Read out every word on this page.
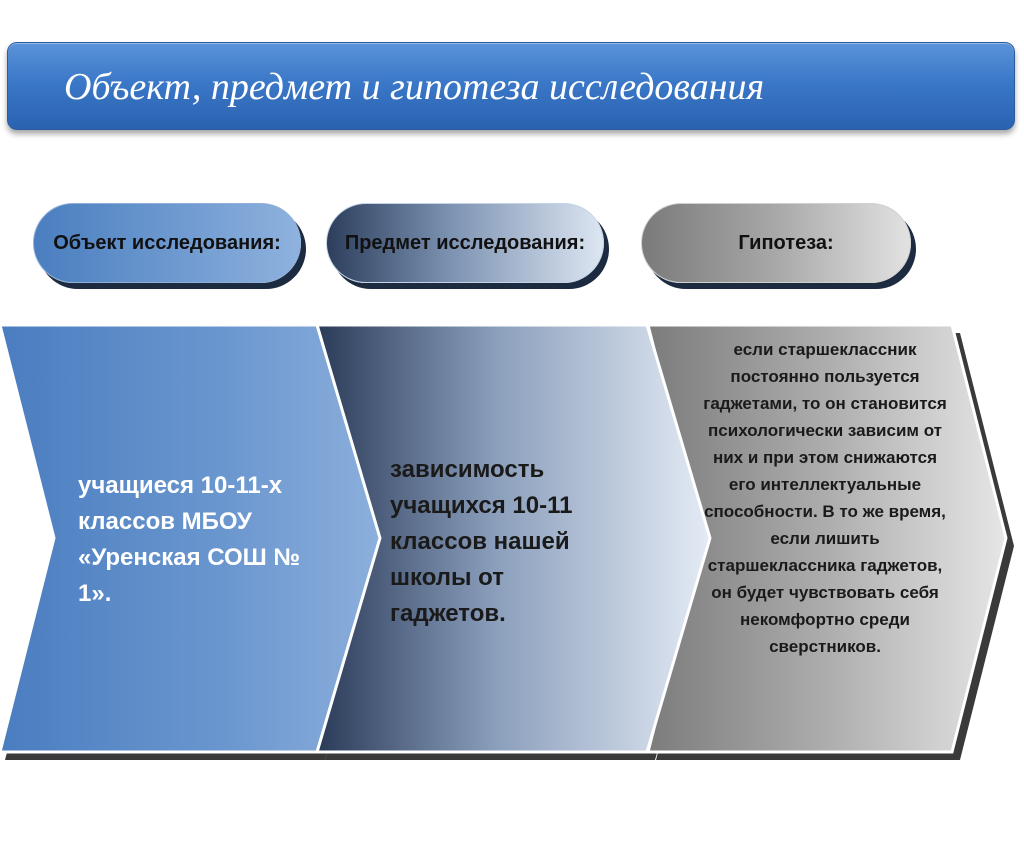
Объект, предмет и гипотеза исследования
Объект исследования:	Предмет исследования:	Гипотеза:
учащиеся 10-11-х классов МБОУ «Уренская СОШ № 1».
зависимость учащихся 10-11 классов нашей школы от гаджетов.
если старшеклассник постоянно пользуется гаджетами, то он становится психологически зависим от них и при этом снижаются его интеллектуальные способности. В то же время, если лишить старшеклассника гаджетов, он будет чувствовать себя некомфортно среди сверстников.
